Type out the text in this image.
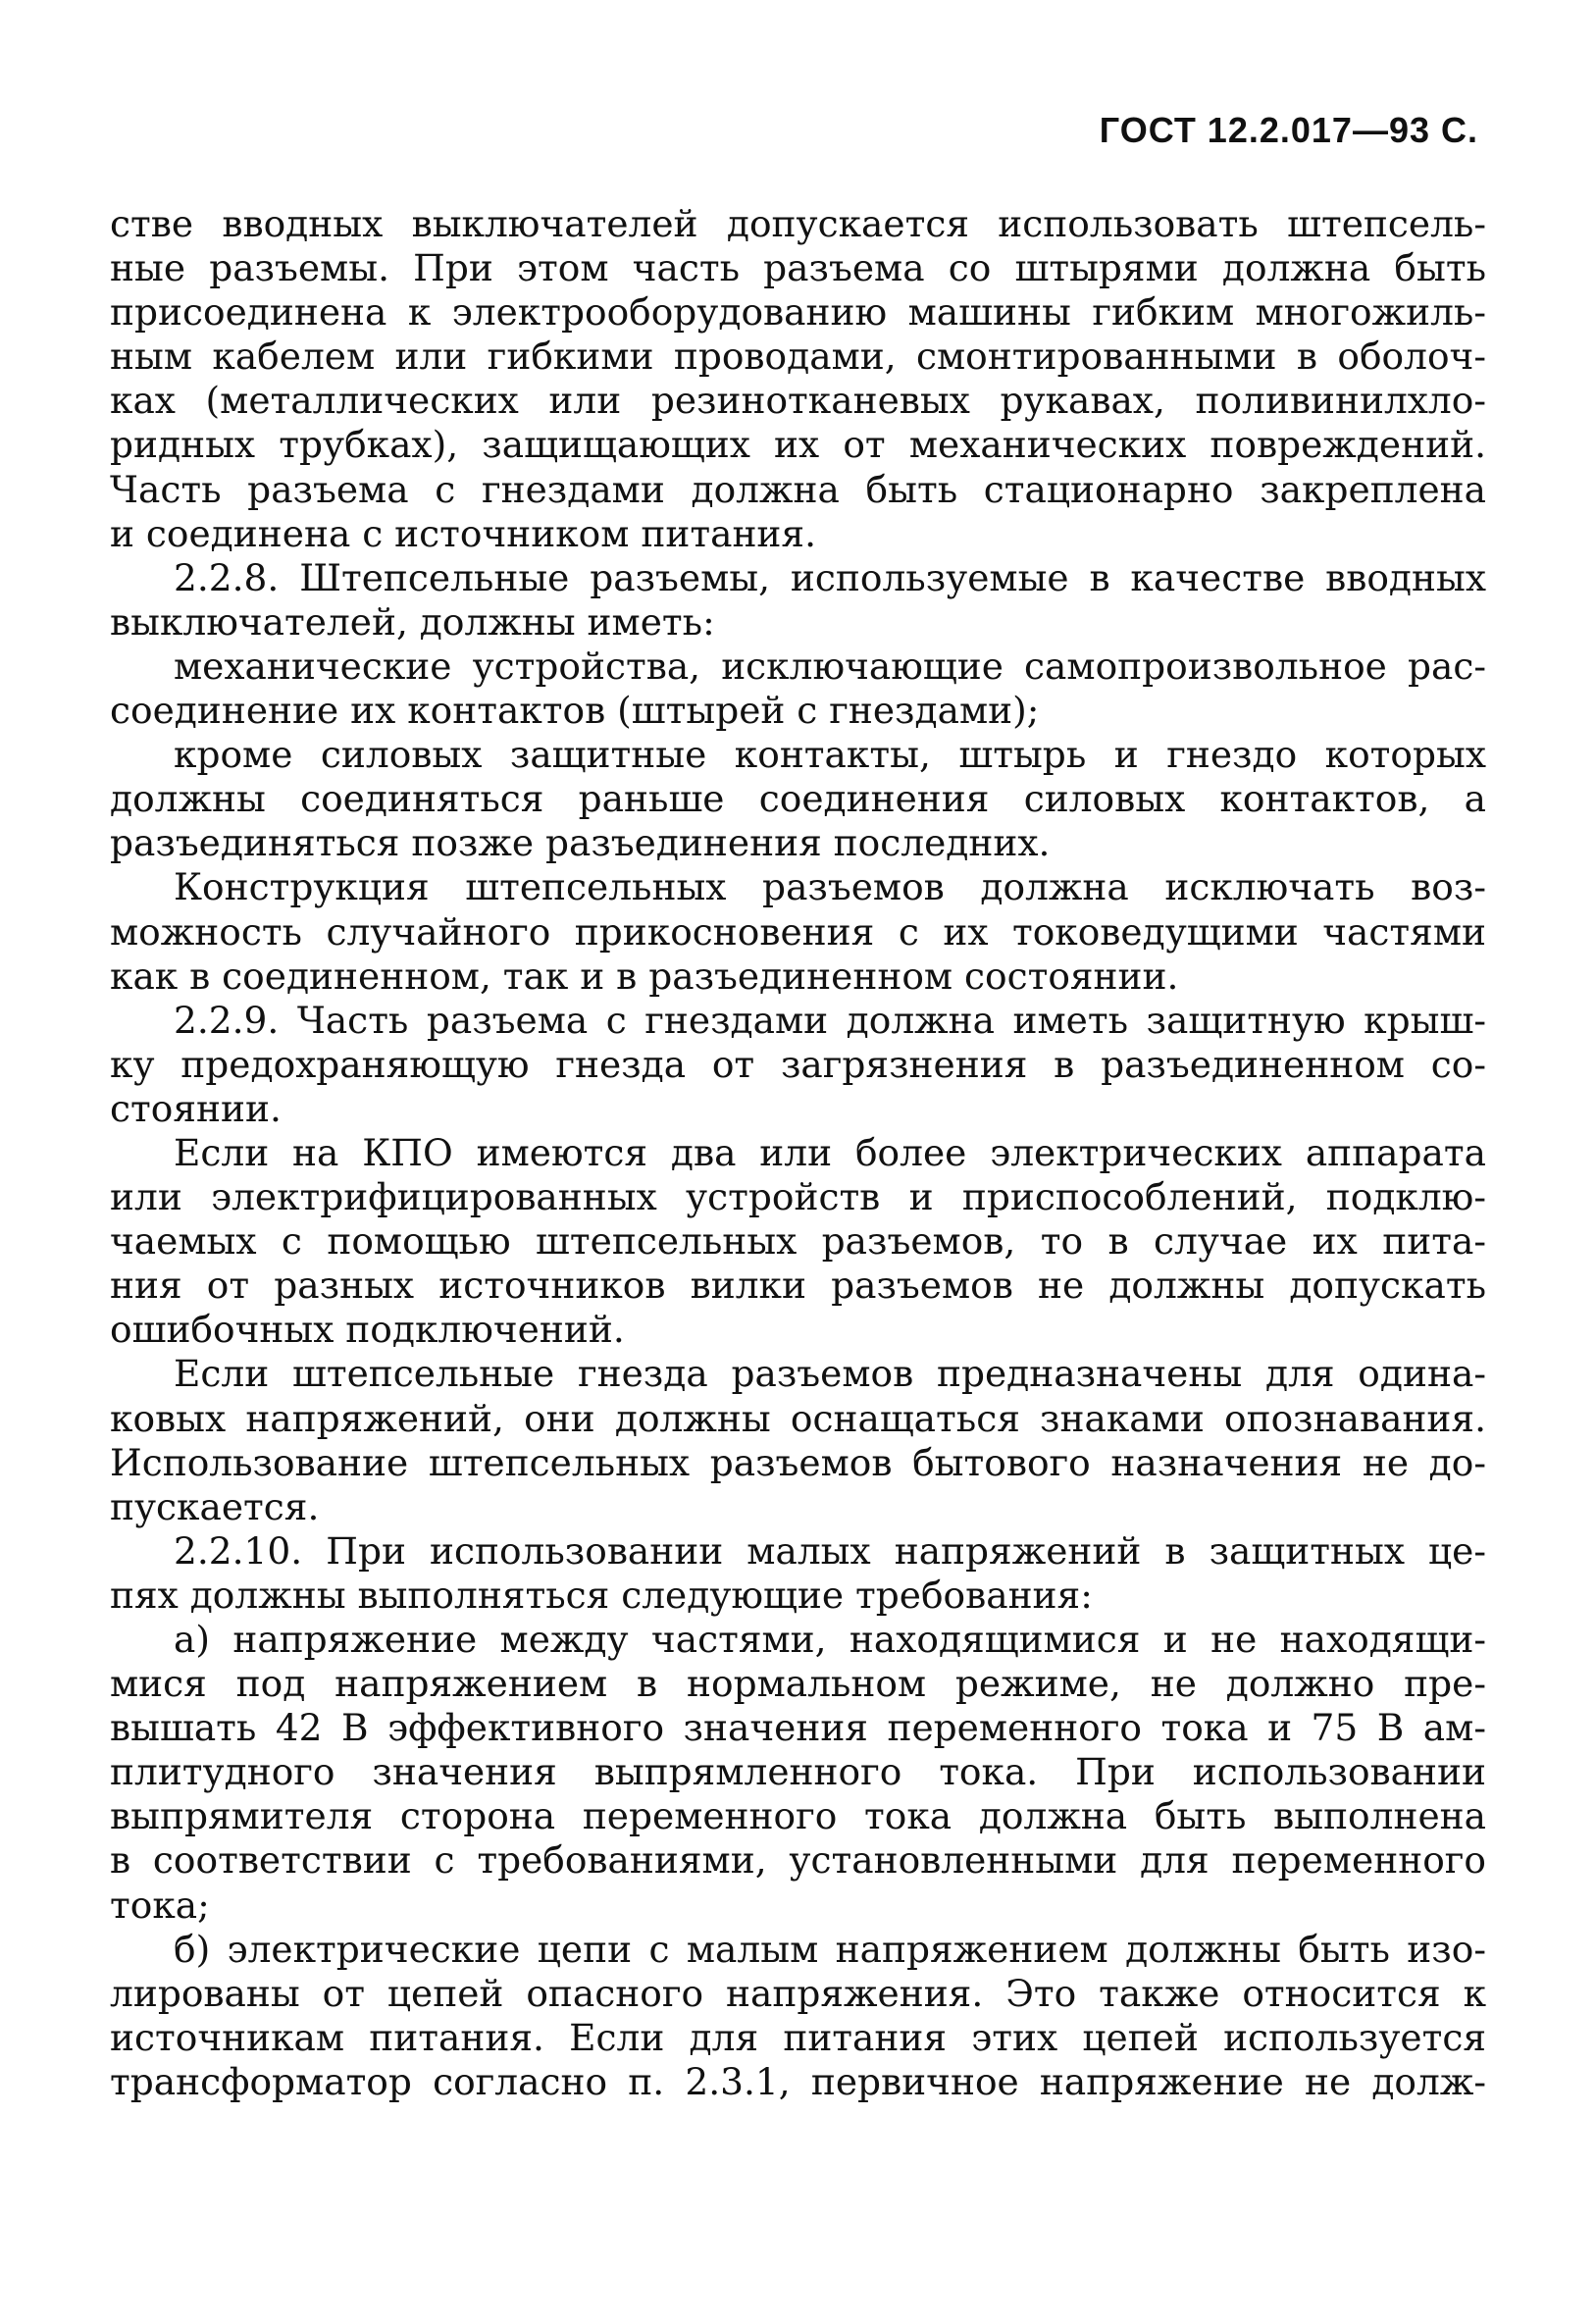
ГОСТ 12.2.017—93 С.
стве вводных выключателей допускается использовать штепсель-
ные разъемы. При этом часть разъема со штырями должна быть
присоединена к электрооборудованию машины гибким многожиль-
ным кабелем или гибкими проводами, смонтированными в оболоч-
ках (металлических или резинотканевых рукавах, поливинилхло-
ридных трубках), защищающих их от механических повреждений.
Часть разъема с гнездами должна быть стационарно закреплена
и соединена с источником питания.
2.2.8. Штепсельные разъемы, используемые в качестве вводных
выключателей, должны иметь:
механические устройства, исключающие самопроизвольное рас-
соединение их контактов (штырей с гнездами);
кроме силовых защитные контакты, штырь и гнездо которых
должны соединяться раньше соединения силовых контактов, а
разъединяться позже разъединения последних.
Конструкция штепсельных разъемов должна исключать воз-
можность случайного прикосновения с их токоведущими частями
как в соединенном, так и в разъединенном состоянии.
2.2.9. Часть разъема с гнездами должна иметь защитную крыш-
ку предохраняющую гнезда от загрязнения в разъединенном со-
стоянии.
Если на КПО имеются два или более электрических аппарата
или электрифицированных устройств и приспособлений, подклю-
чаемых с помощью штепсельных разъемов, то в случае их пита-
ния от разных источников вилки разъемов не должны допускать
ошибочных подключений.
Если штепсельные гнезда разъемов предназначены для одина-
ковых напряжений, они должны оснащаться знаками опознавания.
Использование штепсельных разъемов бытового назначения не до-
пускается.
2.2.10. При использовании малых напряжений в защитных це-
пях должны выполняться следующие требования:
а) напряжение между частями, находящимися и не находящи-
мися под напряжением в нормальном режиме, не должно пре-
вышать 42 В эффективного значения переменного тока и 75 В ам-
плитудного значения выпрямленного тока. При использовании
выпрямителя сторона переменного тока должна быть выполнена
в соответствии с требованиями, установленными для переменного
тока;
б) электрические цепи с малым напряжением должны быть изо-
лированы от цепей опасного напряжения. Это также относится к
источникам питания. Если для питания этих цепей используется
трансформатор согласно п. 2.3.1, первичное напряжение не долж-
